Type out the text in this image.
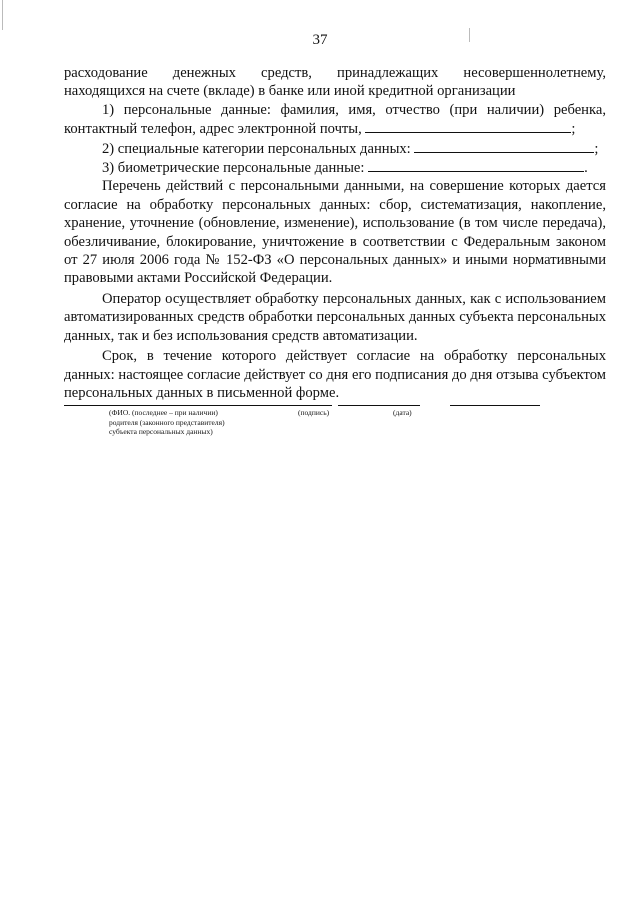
37

расходование денежных средств, принадлежащих несовершеннолетнему,

находящихся на счете (вкладе) в банке или иной кредитной организации

1) персональные данные: фамилия, имя, отчество (при наличии) ребенка,

контактный телефон, адрес электронной почты,	;

2) специальные категории персональных данных:	;

3) биометрические персональные данные:	.

Перечень действий с персональными данными, на совершение которых дается согласие на обработку персональных данных: сбор, систематизация, накопление, хранение, уточнение (обновление, изменение), использование (в том числе передача), обезличивание, блокирование, уничтожение в соответствии с Федеральным законом от 27 июля 2006 года № 152-ФЗ «О персональных данных» и иными нормативными правовыми актами Российской Федерации.

Оператор осуществляет обработку персональных данных, как с использованием автоматизированных средств обработки персональных данных субъекта персональных данных, так и без использования средств автоматизации.

Срок, в течение которого действует согласие на обработку персональных данных: настоящее согласие действует со дня его подписания до дня отзыва субъектом персональных данных в письменной форме.

(ФИО. (последнее – при наличии)
родителя (законного представителя)
субъекта персональных данных)
(подпись)	(дата)
